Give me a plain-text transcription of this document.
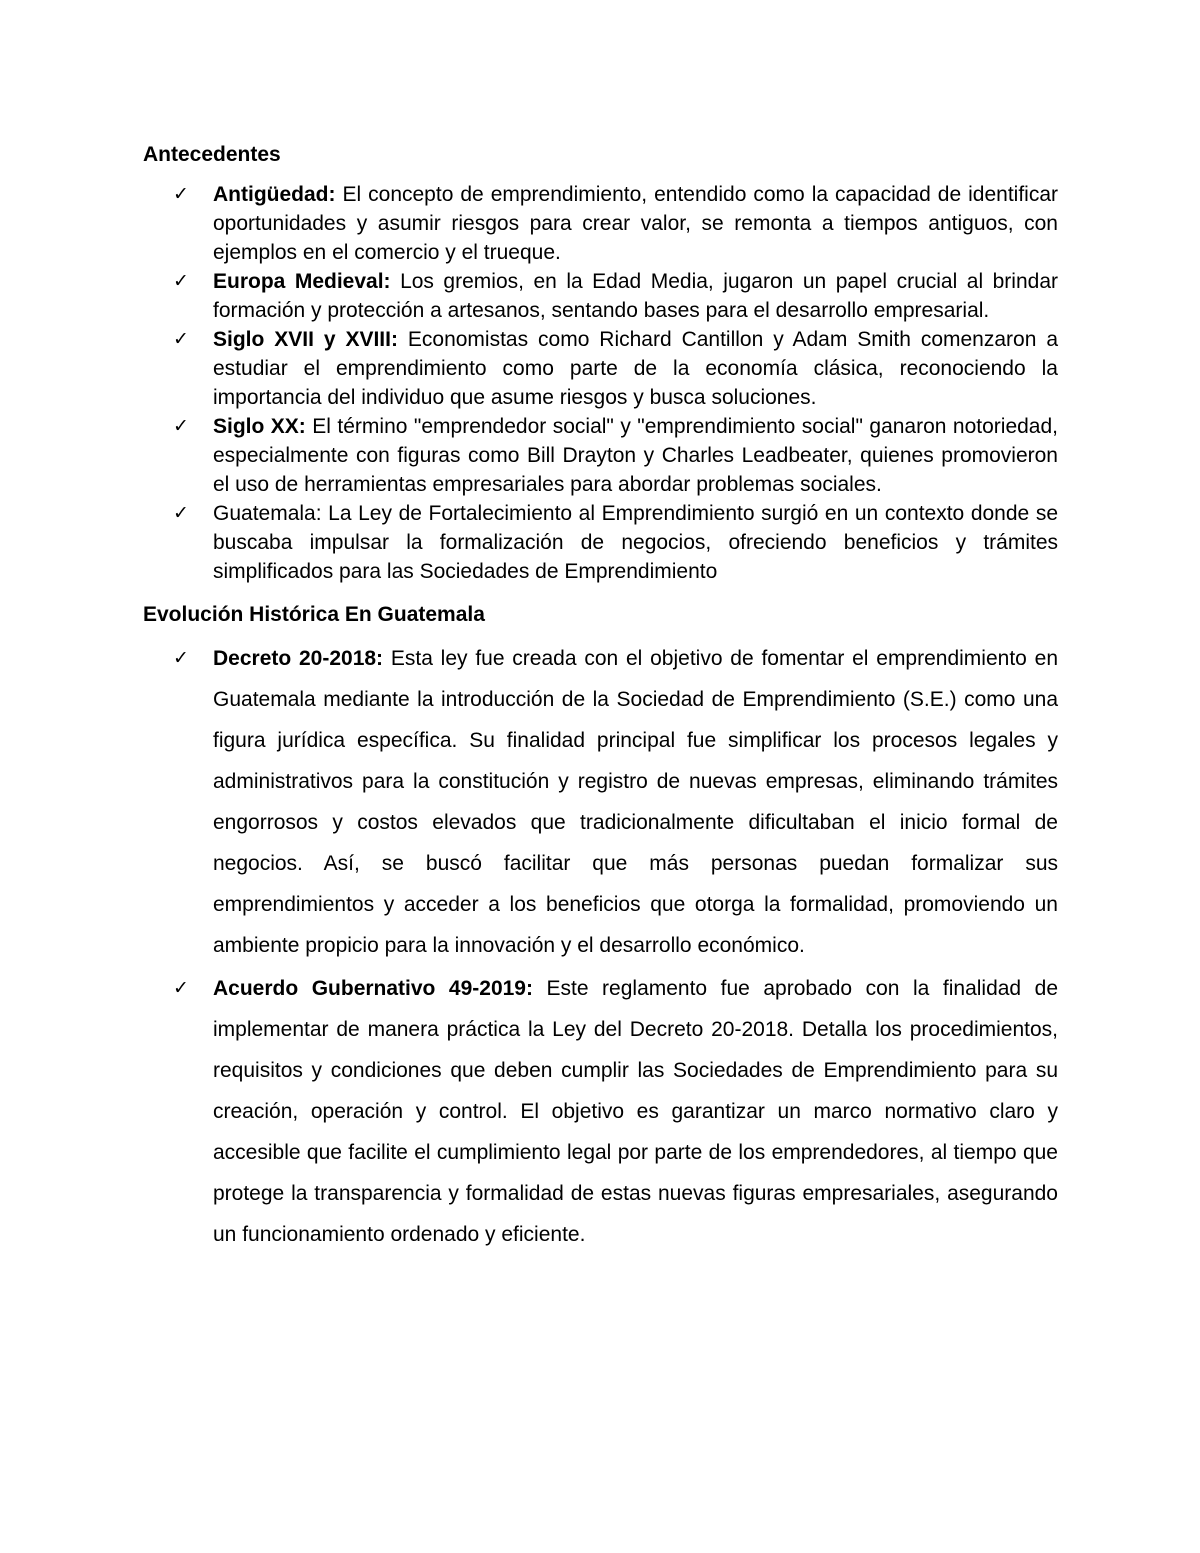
Antecedentes
✓ Antigüedad: El concepto de emprendimiento, entendido como la capacidad de identificar oportunidades y asumir riesgos para crear valor, se remonta a tiempos antiguos, con ejemplos en el comercio y el trueque.
✓ Europa Medieval: Los gremios, en la Edad Media, jugaron un papel crucial al brindar formación y protección a artesanos, sentando bases para el desarrollo empresarial.
✓ Siglo XVII y XVIII: Economistas como Richard Cantillon y Adam Smith comenzaron a estudiar el emprendimiento como parte de la economía clásica, reconociendo la importancia del individuo que asume riesgos y busca soluciones.
✓ Siglo XX: El término "emprendedor social" y "emprendimiento social" ganaron notoriedad, especialmente con figuras como Bill Drayton y Charles Leadbeater, quienes promovieron el uso de herramientas empresariales para abordar problemas sociales.
✓ Guatemala: La Ley de Fortalecimiento al Emprendimiento surgió en un contexto donde se buscaba impulsar la formalización de negocios, ofreciendo beneficios y trámites simplificados para las Sociedades de Emprendimiento
Evolución Histórica En Guatemala
✓ Decreto 20-2018: Esta ley fue creada con el objetivo de fomentar el emprendimiento en Guatemala mediante la introducción de la Sociedad de Emprendimiento (S.E.) como una figura jurídica específica. Su finalidad principal fue simplificar los procesos legales y administrativos para la constitución y registro de nuevas empresas, eliminando trámites engorrosos y costos elevados que tradicionalmente dificultaban el inicio formal de negocios. Así, se buscó facilitar que más personas puedan formalizar sus emprendimientos y acceder a los beneficios que otorga la formalidad, promoviendo un ambiente propicio para la innovación y el desarrollo económico.
✓ Acuerdo Gubernativo 49-2019: Este reglamento fue aprobado con la finalidad de implementar de manera práctica la Ley del Decreto 20-2018. Detalla los procedimientos, requisitos y condiciones que deben cumplir las Sociedades de Emprendimiento para su creación, operación y control. El objetivo es garantizar un marco normativo claro y accesible que facilite el cumplimiento legal por parte de los emprendedores, al tiempo que protege la transparencia y formalidad de estas nuevas figuras empresariales, asegurando un funcionamiento ordenado y eficiente.
